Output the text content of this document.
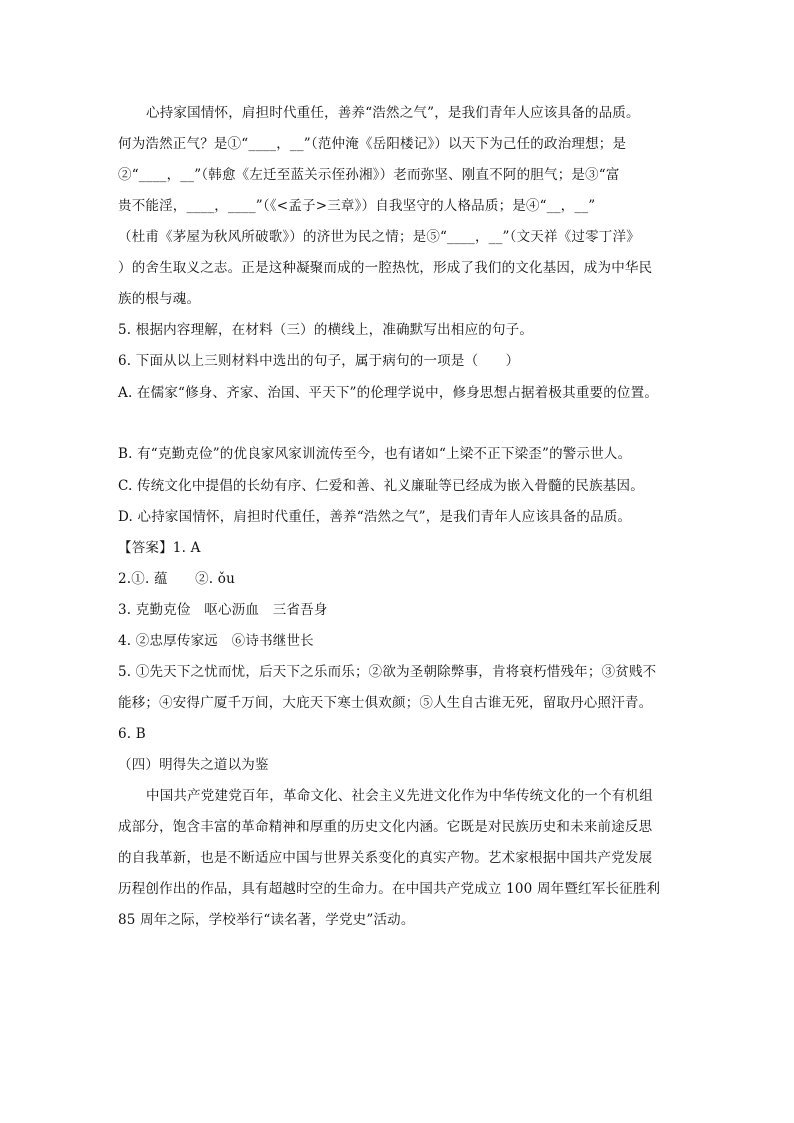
心持家国情怀，肩担时代重任，善养“浩然之气”，是我们青年人应该具备的品质。
何为浩然正气？是①“____，__”（范仲淹《岳阳楼记》）以天下为己任的政治理想；是
②“____，__”（韩愈《左迁至蓝关示侄孙湘》）老而弥坚、刚直不阿的胆气；是③“富
贵不能淫，____，____”（《<孟子>三章》）自我坚守的人格品质；是④“__，__”
（杜甫《茅屋为秋风所破歌》）的济世为民之情；是⑤“____，__”（文天祥《过零丁洋》
）的舍生取义之志。正是这种凝聚而成的一腔热忱，形成了我们的文化基因，成为中华民
族的根与魂。
5. 根据内容理解，在材料（三）的横线上，准确默写出相应的句子。
6. 下面从以上三则材料中选出的句子，属于病句的一项是（　　）
A. 在儒家“修身、齐家、治国、平天下”的伦理学说中，修身思想占据着极其重要的位置。
B. 有“克勤克俭”的优良家风家训流传至今，也有诸如“上梁不正下梁歪”的警示世人。
C. 传统文化中提倡的长幼有序、仁爱和善、礼义廉耻等已经成为嵌入骨髓的民族基因。
D. 心持家国情怀，肩担时代重任，善养“浩然之气”，是我们青年人应该具备的品质。
【答案】1. A
2.①. 蕴　　②. ǒu
3. 克勤克俭　呕心沥血　三省吾身
4. ②忠厚传家远　⑥诗书继世长
5. ①先天下之忧而忧，后天下之乐而乐；②欲为圣朝除弊事，肯将衰朽惜残年；③贫贱不
能移；④安得广厦千万间，大庇天下寒士俱欢颜；⑤人生自古谁无死，留取丹心照汗青。
6. B
（四）明得失之道以为鉴
中国共产党建党百年，革命文化、社会主义先进文化作为中华传统文化的一个有机组
成部分，饱含丰富的革命精神和厚重的历史文化内涵。它既是对民族历史和未来前途反思
的自我革新，也是不断适应中国与世界关系变化的真实产物。艺术家根据中国共产党发展
历程创作出的作品，具有超越时空的生命力。在中国共产党成立 100 周年暨红军长征胜利
85 周年之际，学校举行“读名著，学党史”活动。
